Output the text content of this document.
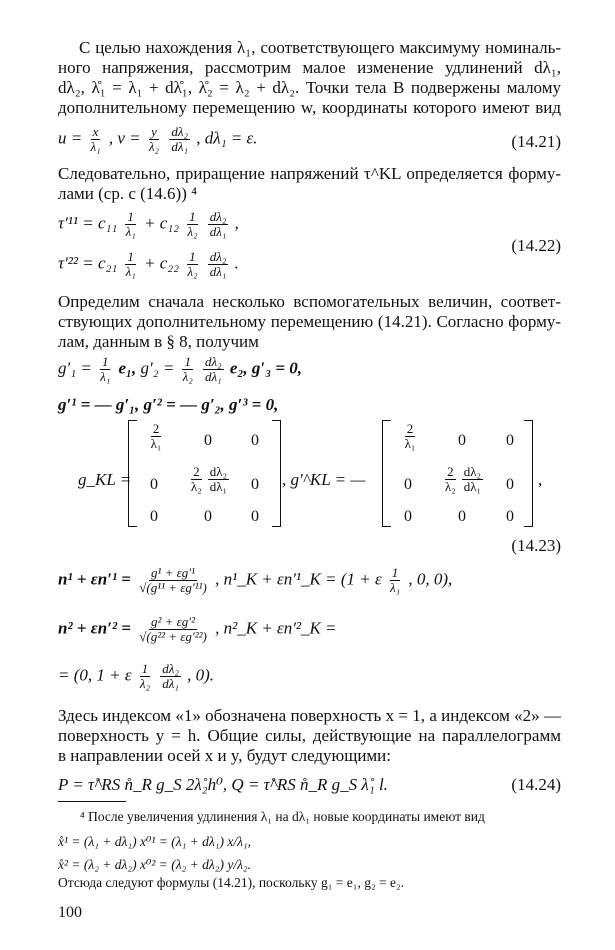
С целью нахождения λ₁, соответствующего максимуму номиналь-
ного напряжения, рассмотрим малое изменение удлинений dλ₁,
dλ₂, λ̊₁ = λ₁ + dλ̊₁, λ̊₂ = λ₂ + dλ₂. Точки тела B подвержены малому
дополнительному перемещению w, координаты которого имеют вид
$u = \frac{x}{\text{λ₁}}$ , $v = \frac{y}{\text{λ₂}}$
$\frac{\text{dλ₂}}{\text{dλ₁}}$ , dλ₁ = ε.	(14.21)
Следовательно, приращение напряжений τ^KL определяется форму-
лами (ср. с (14.6)) ⁴
$\tau'^{11} = c_{11} \frac{1}{\text{λ₁}} + c_{12} \frac{1}{\text{λ₂}}$
$\frac{\text{dλ₂}}{\text{dλ₁}}$ ,
$\tau'^{22} = c_{21} \frac{1}{\text{λ₁}} + c_{22} \frac{1}{\text{λ₂}}$
$\frac{\text{dλ₂}}{\text{dλ₁}}$ .
(14.22)
Определим сначала несколько вспомогательных величин, соответ-
ствующих дополнительному перемещению (14.21). Согласно форму-
лам, данным в § 8, получим
$g'_1 = \frac{1}{\text{λ₁}} e_1$, $g'_2 = \frac{1}{\text{λ₂}}$
$\frac{\text{dλ₂}}{\text{dλ₁}} e_2$, g′₃ = 0,
g′¹ = — g′₁, g′² = — g′₂, g′³ = 0,
g_KL =
$\frac{2}{\text{λ₁}}$	0	0
0	$\frac{2}{\text{λ₂}} \frac{\text{dλ₂}}{\text{dλ₁}}$	0
0	0	0
, g′^KL = —
$\frac{2}{\text{λ₁}}$	0	0
0	$\frac{2}{\text{λ₂}} \frac{\text{dλ₂}}{\text{dλ₁}}$	0
0	0	0
,
(14.23)
$n^1 + \varepsilon n'^1 = \frac{\text{g¹ + εg′¹}}{\text{√(g¹¹ + εg′¹¹)}}$ , n¹_K + εn′¹_K = (1 + ε $\frac{1}{\text{λ₁}}$ , 0, 0),
$n^2 + \varepsilon n'^2 = \frac{\text{g² + εg′²}}{\text{√(g²² + εg′²²)}}$ , n²_K + εn′²_K =
= (0, 1 + ε $\frac{1}{\text{λ₂}}$
$\frac{\text{dλ₂}}{\text{dλ₁}}$ , 0).
Здесь индексом «1» обозначена поверхность x = 1, а индексом «2» —
поверхность y = h. Общие силы, действующие на параллелограмм
в направлении осей x и y, будут следующими:
P = τ̊^RS n̊_R g_S 2λ̊₂h⁰, Q = τ̊^RS n̊_R g_S λ̊₁ l.	(14.24)
⁴ После увеличения удлинения λ₁ на dλ₁ новые координаты имеют вид
x̊¹ = (λ₁ + dλ₁) x⁰¹ = (λ₁ + dλ₁) x/λ₁,
x̊² = (λ₂ + dλ₂) x⁰² = (λ₂ + dλ₂) y/λ₂.
Отсюда следуют формулы (14.21), поскольку g₁ = e₁, g₂ = e₂.
100
